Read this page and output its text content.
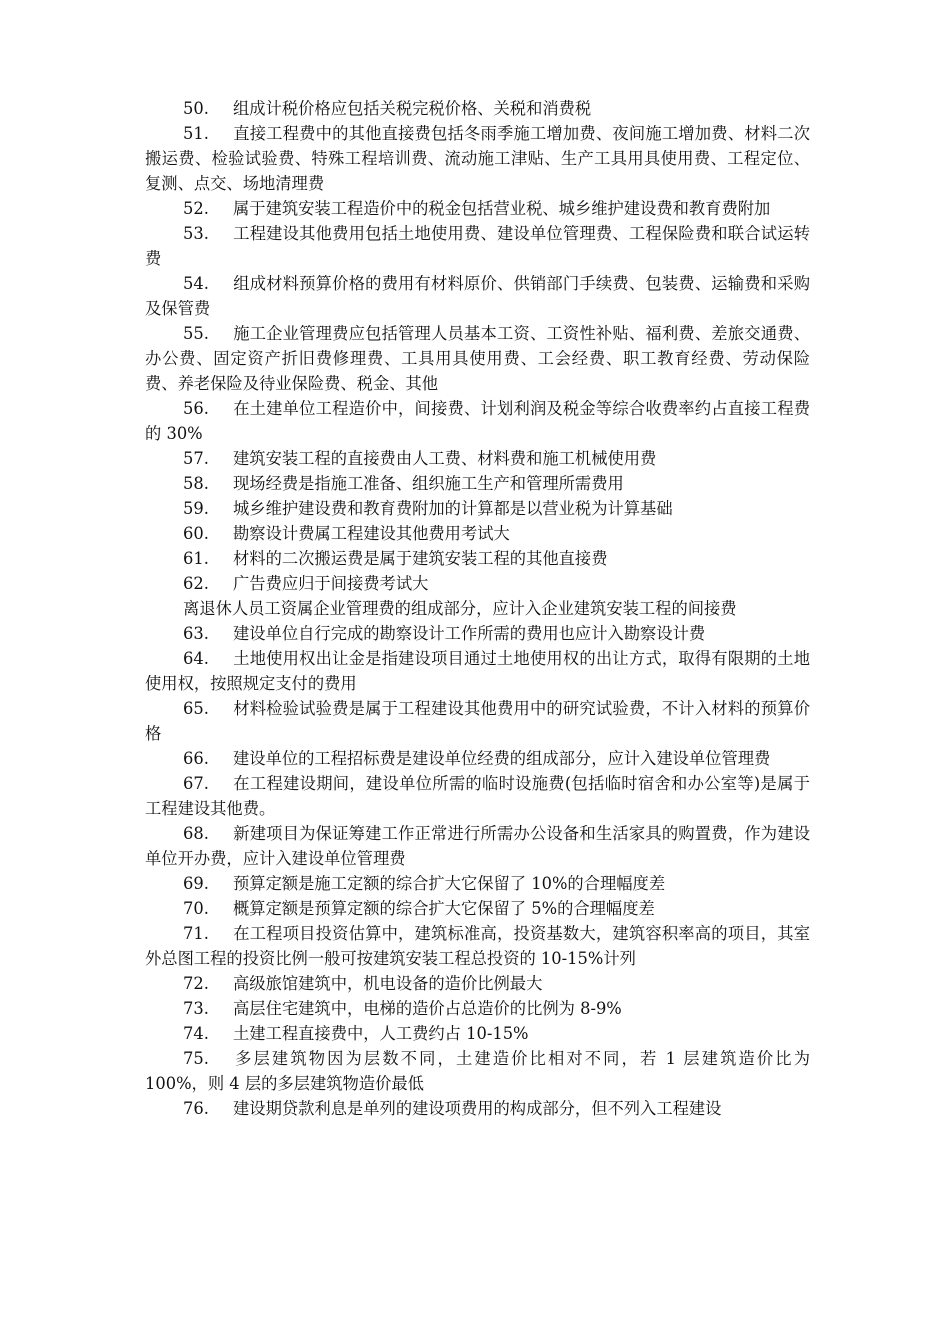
50. 组成计税价格应包括关税完税价格、关税和消费税

51. 直接工程费中的其他直接费包括冬雨季施工增加费、夜间施工增加费、材料二次搬运费、检验试验费、特殊工程培训费、流动施工津贴、生产工具用具使用费、工程定位、复测、点交、场地清理费

52. 属于建筑安装工程造价中的税金包括营业税、城乡维护建设费和教育费附加

53. 工程建设其他费用包括土地使用费、建设单位管理费、工程保险费和联合试运转费

54. 组成材料预算价格的费用有材料原价、供销部门手续费、包装费、运输费和采购及保管费

55. 施工企业管理费应包括管理人员基本工资、工资性补贴、福利费、差旅交通费、办公费、固定资产折旧费修理费、工具用具使用费、工会经费、职工教育经费、劳动保险费、养老保险及待业保险费、税金、其他

56. 在土建单位工程造价中，间接费、计划利润及税金等综合收费率约占直接工程费的 30%

57. 建筑安装工程的直接费由人工费、材料费和施工机械使用费

58. 现场经费是指施工准备、组织施工生产和管理所需费用

59. 城乡维护建设费和教育费附加的计算都是以营业税为计算基础

60. 勘察设计费属工程建设其他费用考试大

61. 材料的二次搬运费是属于建筑安装工程的其他直接费

62. 广告费应归于间接费考试大

离退休人员工资属企业管理费的组成部分，应计入企业建筑安装工程的间接费

63. 建设单位自行完成的勘察设计工作所需的费用也应计入勘察设计费

64. 土地使用权出让金是指建设项目通过土地使用权的出让方式，取得有限期的土地使用权，按照规定支付的费用

65. 材料检验试验费是属于工程建设其他费用中的研究试验费，不计入材料的预算价格

66. 建设单位的工程招标费是建设单位经费的组成部分，应计入建设单位管理费

67. 在工程建设期间，建设单位所需的临时设施费(包括临时宿舍和办公室等)是属于工程建设其他费。

68. 新建项目为保证筹建工作正常进行所需办公设备和生活家具的购置费，作为建设单位开办费，应计入建设单位管理费

69. 预算定额是施工定额的综合扩大它保留了 10%的合理幅度差

70. 概算定额是预算定额的综合扩大它保留了 5%的合理幅度差

71. 在工程项目投资估算中，建筑标准高，投资基数大，建筑容积率高的项目，其室外总图工程的投资比例一般可按建筑安装工程总投资的 10-15%计列

72. 高级旅馆建筑中，机电设备的造价比例最大

73. 高层住宅建筑中，电梯的造价占总造价的比例为 8-9%

74. 土建工程直接费中，人工费约占 10-15%

75. 多层建筑物因为层数不同，土建造价比相对不同，若 1 层建筑造价比为 100%，则 4 层的多层建筑物造价最低

76. 建设期贷款利息是单列的建设项费用的构成部分，但不列入工程建设
